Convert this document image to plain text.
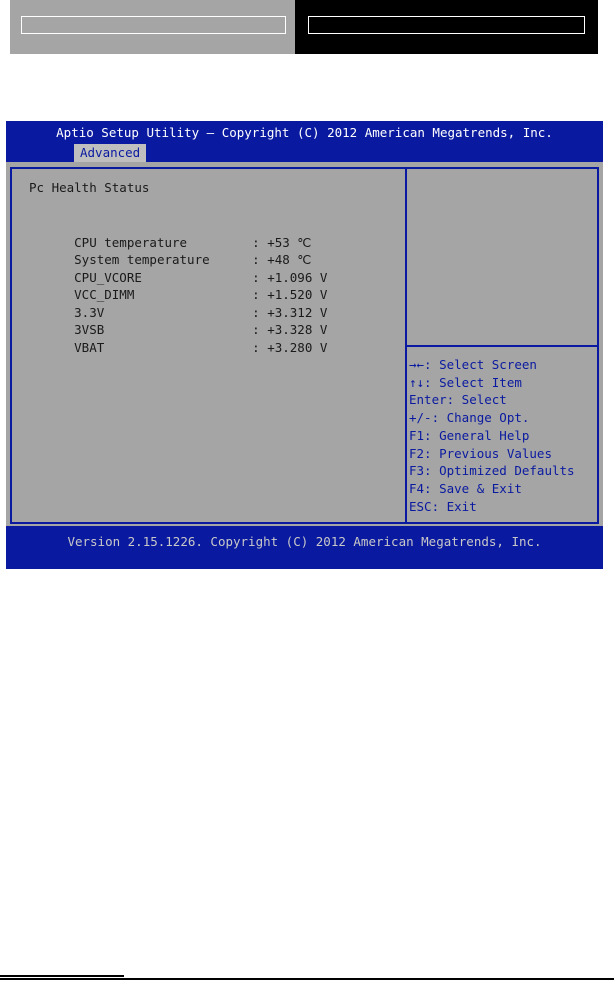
Aptio Setup Utility – Copyright (C) 2012 American Megatrends, Inc.
Advanced
Pc Health Status

CPU temperature	: +53 ℃

System temperature	: +48 ℃

CPU_VCORE	: +1.096 V

VCC_DIMM	: +1.520 V

3.3V	: +3.312 V

3VSB	: +3.328 V

VBAT	: +3.280 V

→←: Select Screen
↑↓: Select Item
Enter: Select
+/-: Change Opt.
F1: General Help
F2: Previous Values
F3: Optimized Defaults
F4: Save & Exit
ESC: Exit
Version 2.15.1226. Copyright (C) 2012 American Megatrends, Inc.
